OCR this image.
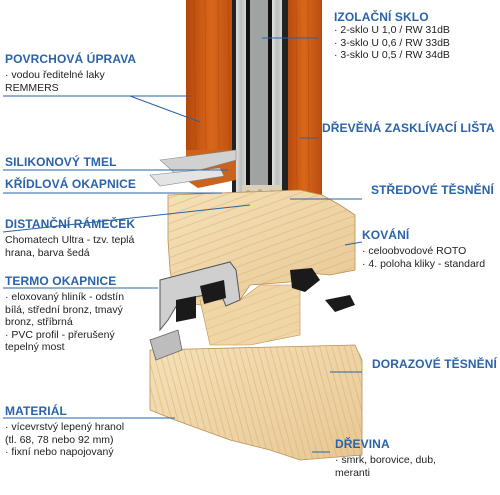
IZOLAČNÍ SKLO
· 2-sklo U 1,0 / RW 31dB
· 3-sklo U 0,6 / RW 33dB
· 3-sklo U 0,5 / RW 34dB
POVRCHOVÁ ÚPRAVA
· vodou ředitelné laky
REMMERS
DŘEVĚNÁ ZASKLÍVACÍ LIŠTA
SILIKONOVÝ TMEL
KŘÍDLOVÁ OKAPNICE	STŘEDOVÉ TĚSNĚNÍ
DISTANČNÍ RÁMEČEK
Chomatech Ultra - tzv. teplá
hrana, barva šedá
KOVÁNÍ
· celoobvodové ROTO
· 4. poloha kliky - standard
TERMO OKAPNICE
· eloxovaný hliník - odstín
bílá, střední bronz, tmavý
bronz, stříbrná
· PVC profil - přerušený
tepelný most
DORAZOVÉ TĚSNĚNÍ
MATERIÁL
· vícevrstvý lepený hranol
(tl. 68, 78 nebo 92 mm)
· fixní nebo napojovaný
DŘEVINA
· smrk, borovice, dub,
meranti
